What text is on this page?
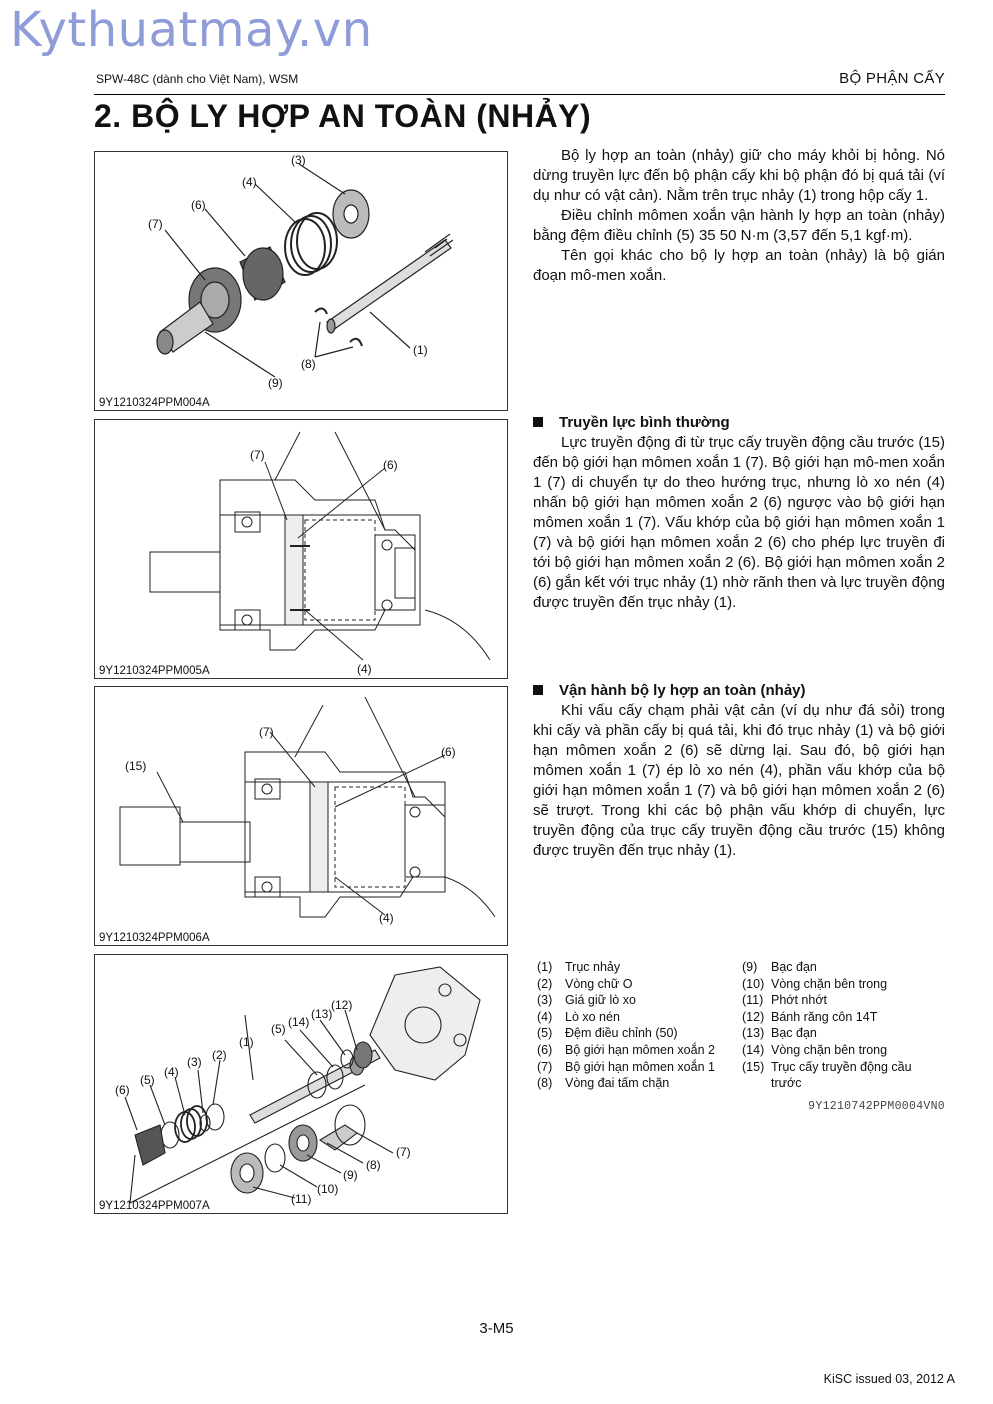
Kythuatmay.vn
SPW-48C (dành cho Việt Nam), WSM	BỘ PHẬN CẤY
2. BỘ LY HỢP AN TOÀN (NHẢY)
(3)
(4)
(6)
(7)
(8)
(1)
(9)
9Y1210324PPM004A
(7)
(6)
(4)
9Y1210324PPM005A
(7)
(6)
(15)
(4)
9Y1210324PPM006A
(1)
(5) (14)
(13)
(12)
(3)
(6)
(5)
(4)
(2)
(7)
(8)
(9)
(10)
(11)
9Y1210324PPM007A

Bộ ly hợp an toàn (nhảy) giữ cho máy khỏi bị hỏng. Nó dừng truyền lực đến bộ phận cấy khi bộ phận đó bị quá tải (ví dụ như có vật cản). Nằm trên trục nhảy (1) trong hộp cấy 1.

Điều chỉnh mômen xoắn vận hành ly hợp an toàn (nhảy) bằng đệm điều chỉnh (5) 35 50 N·m (3,57 đến 5,1 kgf·m).

Tên gọi khác cho bộ ly hợp an toàn (nhảy) là bộ gián đoạn mô-men xoắn.

Truyền lực bình thường

Lực truyền động đi từ trục cấy truyền động cầu trước (15) đến bộ giới hạn mômen xoắn 1 (7). Bộ giới hạn mô-men xoắn 1 (7) di chuyển tự do theo hướng trục, nhưng lò xo nén (4) nhấn bộ giới hạn mômen xoắn 2 (6) ngược vào bộ giới hạn mômen xoắn 1 (7). Vấu khớp của bộ giới hạn mômen xoắn 1 (7) và bộ giới hạn mômen xoắn 2 (6) cho phép lực truyền đi tới bộ giới hạn mômen xoắn 2 (6). Bộ giới hạn mômen xoắn 2 (6) gắn kết với trục nhảy (1) nhờ rãnh then và lực truyền động được truyền đến trục nhảy (1).

Vận hành bộ ly hợp an toàn (nhảy)

Khi vấu cấy chạm phải vật cản (ví dụ như đá sỏi) trong khi cấy và phần cấy bị quá tải, khi đó trục nhảy (1) và bộ giới hạn mômen xoắn 2 (6) sẽ dừng lại. Sau đó, bộ giới hạn mômen xoắn 1 (7) ép lò xo nén (4), phần vấu khớp của bộ giới hạn mômen xoắn 1 (7) và bộ giới hạn mômen xoắn 2 (6) sẽ trượt. Trong khi các bộ phận vấu khớp di chuyển, lực truyền động của trục cấy truyền động cầu trước (15) không được truyền đến trục nhảy (1).

(1)	Trục nhảy
(2)	Vòng chữ O
(3)	Giá giữ lò xo
(4)	Lò xo nén
(5)	Đệm điều chỉnh (50)
(6)	Bộ giới hạn mômen xoắn 2
(7)	Bộ giới hạn mômen xoắn 1
(8)	Vòng đai tấm chặn
(9)	Bạc đạn
(10) Vòng chặn bên trong
(11) Phớt nhớt
(12) Bánh răng côn 14T
(13) Bạc đạn
(14) Vòng chặn bên trong
(15) Trục cấy truyền động cầu trước
9Y1210742PPM0004VN0
3-M5
KiSC issued 03, 2012 A
